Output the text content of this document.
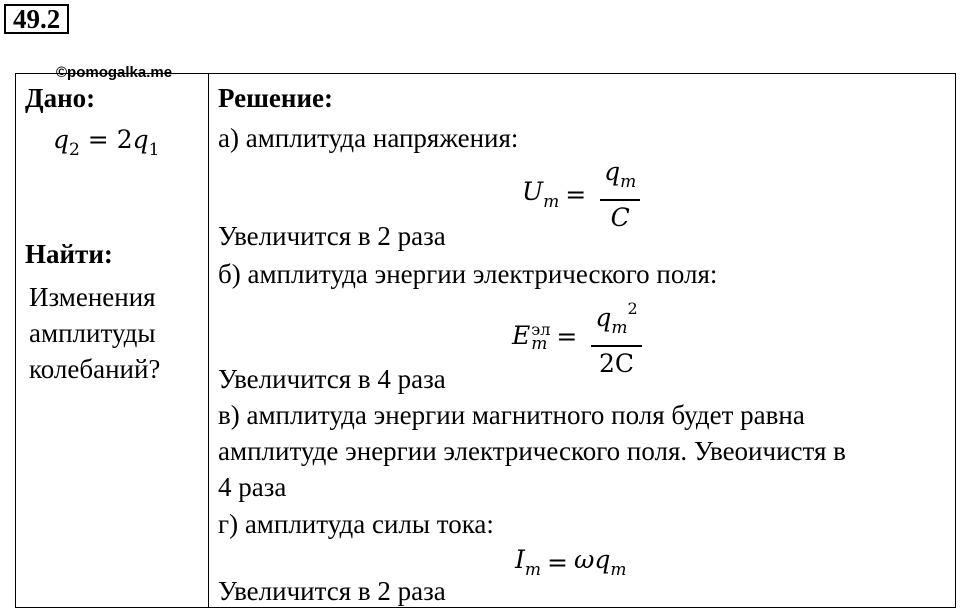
49.2
Дано:
$q_2 = 2q_1$
Найти:
Изменения амплитуды колебаний?
©pomogalka.me
Решение:
а) амплитуда напряжения:
$U_m = \frac{q_m}{C}$
Увеличится в 2 раза
б) амплитуда энергии электрического поля:
E эл
$m = \frac{q_m^2}{2C}$
Увеличится в 4 раза
в) амплитуда энергии магнитного поля будет равна
амплитуде энергии электрического поля. Увеоичистя в
4 раза
г) амплитуда силы тока:
$I_m = \omega q_m$
Увеличится в 2 раза
